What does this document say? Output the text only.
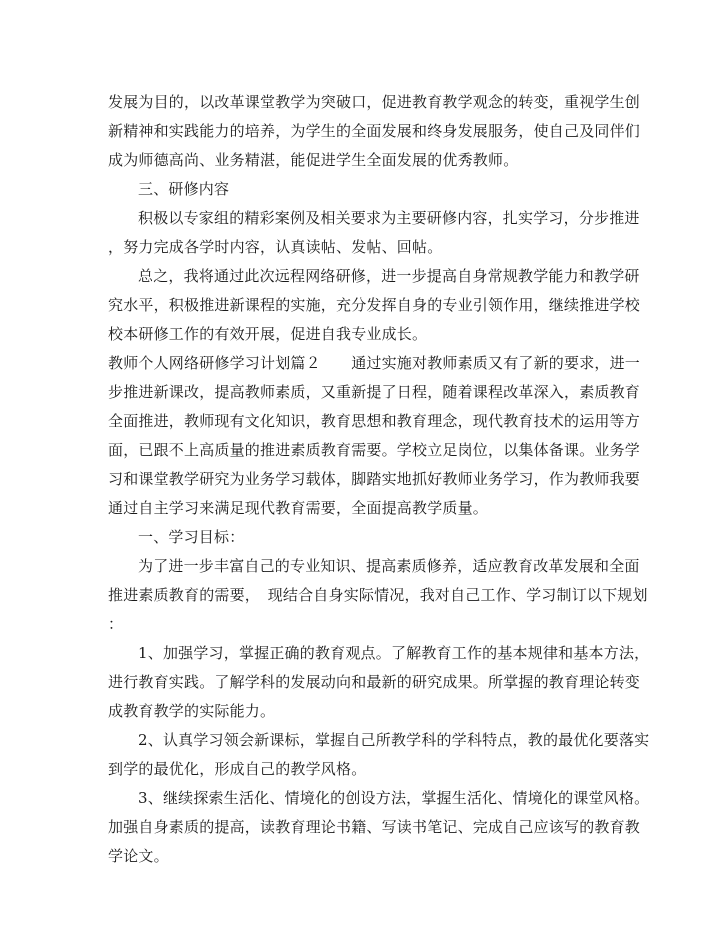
发展为目的，以改革课堂教学为突破口，促进教育教学观念的转变，重视学生创
新精神和实践能力的培养，为学生的全面发展和终身发展服务，使自己及同伴们
成为师德高尚、业务精湛，能促进学生全面发展的优秀教师。
三、研修内容
积极以专家组的精彩案例及相关要求为主要研修内容，扎实学习，分步推进
，努力完成各学时内容，认真读帖、发帖、回帖。
总之，我将通过此次远程网络研修，进一步提高自身常规教学能力和教学研
究水平，积极推进新课程的实施，充分发挥自身的专业引领作用，继续推进学校
校本研修工作的有效开展，促进自我专业成长。
教师个人网络研修学习计划篇２　　通过实施对教师素质又有了新的要求，进一
步推进新课改，提高教师素质，又重新提了日程，随着课程改革深入，素质教育
全面推进，教师现有文化知识，教育思想和教育理念，现代教育技术的运用等方
面，已跟不上高质量的推进素质教育需要。学校立足岗位，以集体备课。业务学
习和课堂教学研究为业务学习载体，脚踏实地抓好教师业务学习，作为教师我要
通过自主学习来满足现代教育需要，全面提高教学质量。
一、学习目标：
为了进一步丰富自己的专业知识、提高素质修养，适应教育改革发展和全面
推进素质教育的需要，　现结合自身实际情况，我对自己工作、学习制订以下规划
：
1、加强学习，掌握正确的教育观点。了解教育工作的基本规律和基本方法，
进行教育实践。了解学科的发展动向和最新的研究成果。所掌握的教育理论转变
成教育教学的实际能力。
2、认真学习领会新课标，掌握自己所教学科的学科特点，教的最优化要落实
到学的最优化，形成自己的教学风格。
3、继续探索生活化、情境化的创设方法，掌握生活化、情境化的课堂风格。
加强自身素质的提高，读教育理论书籍、写读书笔记、完成自己应该写的教育教
学论文。
